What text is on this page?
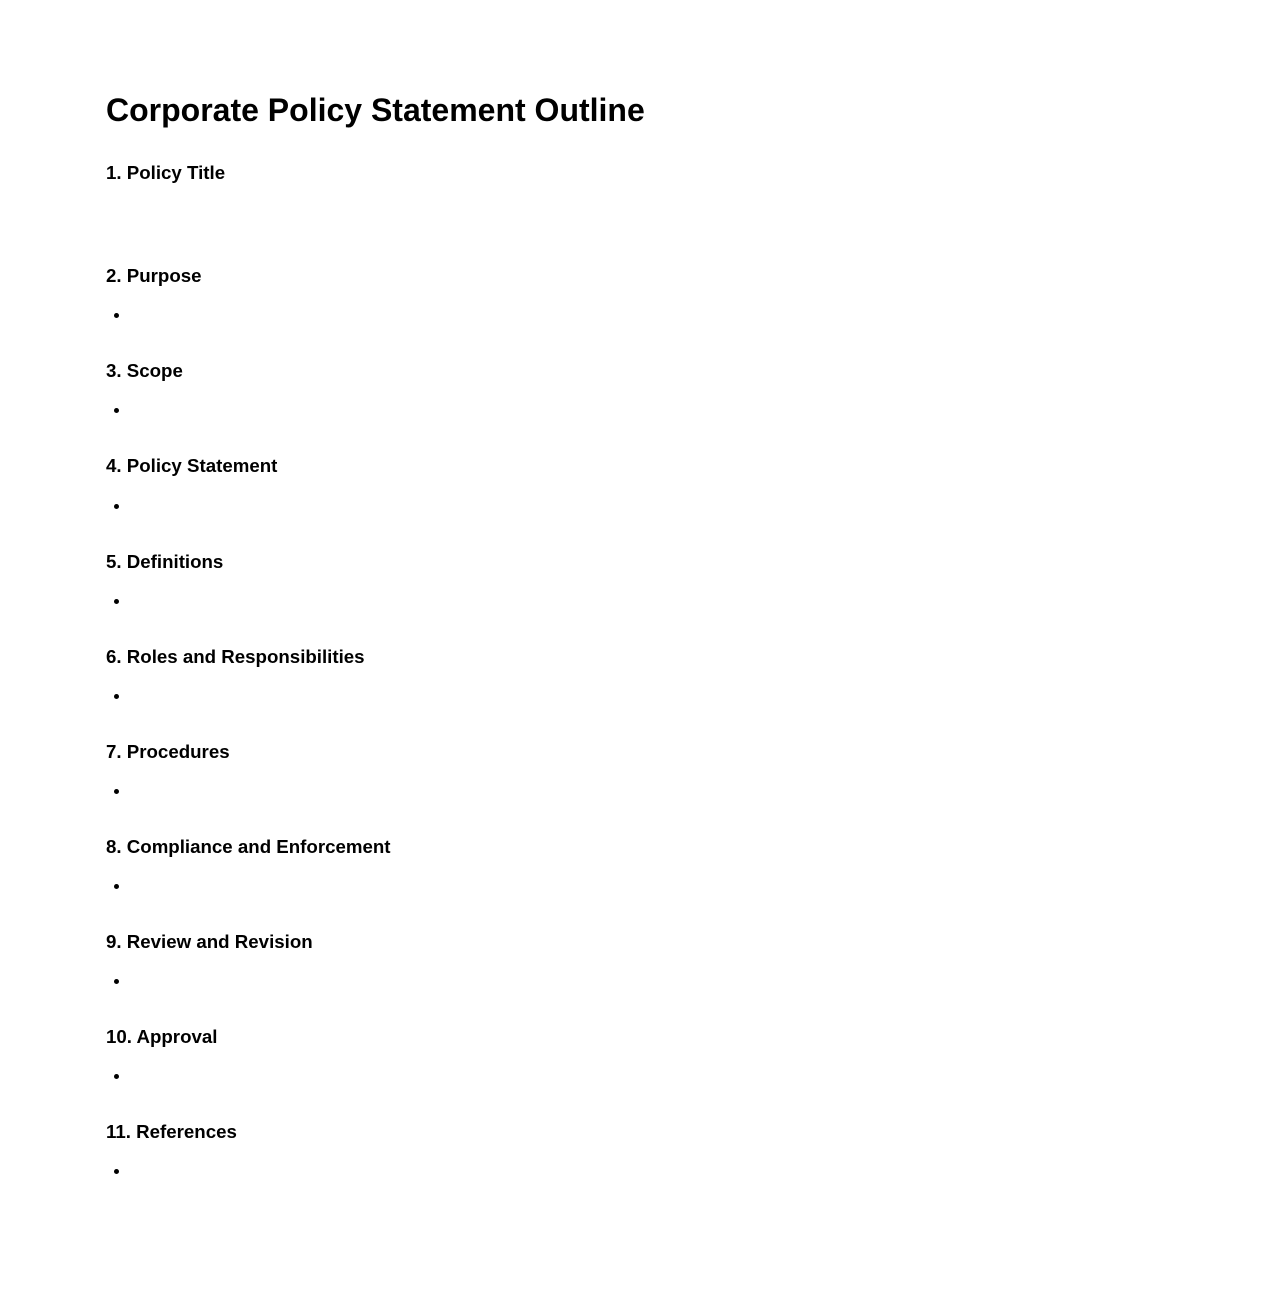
Corporate Policy Statement Outline
1. Policy Title
2. Purpose
3. Scope
4. Policy Statement
5. Definitions
6. Roles and Responsibilities
7. Procedures
8. Compliance and Enforcement
9. Review and Revision
10. Approval
11. References
